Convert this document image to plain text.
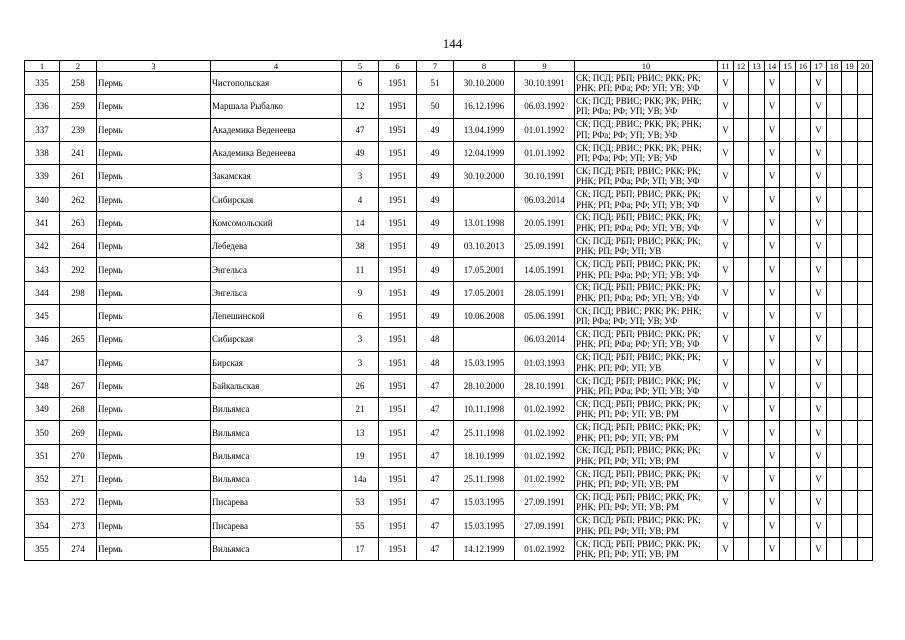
144
1	2	3	4	5	6	7	8	9	10	11	12	13	14	15	16	17	18	19	20
335	258	Пермь	Чистопольская	6	1951	51	30.10.2000	30.10.1991	СК; ПСД; РБП; РВИС; РКК; РК; РНК; РП; РФа; РФ; УП; УВ; УФ	V			V			V			
336	259	Пермь	Маршала Рыбалко	12	1951	50	16.12.1996	06.03.1992	СК; ПСД; РВИС; РКК; РК; РНК; РП; РФа; РФ; УП; УВ; УФ	V			V			V			
337	239	Пермь	Академика Веденеева	47	1951	49	13.04.1999	01.01.1992	СК; ПСД; РВИС; РКК; РК; РНК; РП; РФа; РФ; УП; УВ; УФ	V			V			V			
338	241	Пермь	Академика Веденеева	49	1951	49	12.04.1999	01.01.1992	СК; ПСД; РВИС; РКК; РК; РНК; РП; РФа; РФ; УП; УВ; УФ	V			V			V			
339	261	Пермь	Закамская	3	1951	49	30.10.2000	30.10.1991	СК; ПСД; РБП; РВИС; РКК; РК; РНК; РП; РФа; РФ; УП; УВ; УФ	V			V			V			
340	262	Пермь	Сибирская	4	1951	49		06.03.2014	СК; ПСД; РБП; РВИС; РКК; РК; РНК; РП; РФа; РФ; УП; УВ; УФ	V			V			V			
341	263	Пермь	Комсомольский	14	1951	49	13.01.1998	20.05.1991	СК; ПСД; РБП; РВИС; РКК; РК; РНК; РП; РФа; РФ; УП; УВ; УФ	V			V			V			
342	264	Пермь	Лебедева	38	1951	49	03.10.2013	25.09.1991	СК; ПСД; РБП; РВИС; РКК; РК; РНК; РП; РФ; УП; УВ	V			V			V			
343	292	Пермь	Энгельса	11	1951	49	17.05.2001	14.05.1991	СК; ПСД; РБП; РВИС; РКК; РК; РНК; РП; РФа; РФ; УП; УВ; УФ	V			V			V			
344	298	Пермь	Энгельса	9	1951	49	17.05.2001	28.05.1991	СК; ПСД; РБП; РВИС; РКК; РК; РНК; РП; РФа; РФ; УП; УВ; УФ	V			V			V			
345		Пермь	Лепешинской	6	1951	49	10.06.2008	05.06.1991	СК; ПСД; РВИС; РКК; РК; РНК; РП; РФа; РФ; УП; УВ; УФ	V			V			V			
346	265	Пермь	Сибирская	3	1951	48		06.03.2014	СК; ПСД; РБП; РВИС; РКК; РК; РНК; РП; РФа; РФ; УП; УВ; УФ	V			V			V			
347		Пермь	Бирская	3	1951	48	15.03.1995	01.03.1993	СК; ПСД; РБП; РВИС; РКК; РК; РНК; РП; РФ; УП; УВ	V			V			V			
348	267	Пермь	Байкальская	26	1951	47	28.10.2000	28.10.1991	СК; ПСД; РБП; РВИС; РКК; РК; РНК; РП; РФа; РФ; УП; УВ; УФ	V			V			V			
349	268	Пермь	Вильямса	21	1951	47	10.11.1998	01.02.1992	СК; ПСД; РБП; РВИС; РКК; РК; РНК; РП; РФ; УП; УВ; РМ	V			V			V			
350	269	Пермь	Вильямса	13	1951	47	25.11.1998	01.02.1992	СК; ПСД; РБП; РВИС; РКК; РК; РНК; РП; РФ; УП; УВ; РМ	V			V			V			
351	270	Пермь	Вильямса	19	1951	47	18.10.1999	01.02.1992	СК; ПСД; РБП; РВИС; РКК; РК; РНК; РП; РФ; УП; УВ; РМ	V			V			V			
352	271	Пермь	Вильямса	14а	1951	47	25.11.1998	01.02.1992	СК; ПСД; РБП; РВИС; РКК; РК; РНК; РП; РФ; УП; УВ; РМ	V			V			V			
353	272	Пермь	Писарева	53	1951	47	15.03.1995	27.09.1991	СК; ПСД; РБП; РВИС; РКК; РК; РНК; РП; РФ; УП; УВ; РМ	V			V			V			
354	273	Пермь	Писарева	55	1951	47	15.03.1995	27.09.1991	СК; ПСД; РБП; РВИС; РКК; РК; РНК; РП; РФ; УП; УВ; РМ	V			V			V			
355	274	Пермь	Вильямса	17	1951	47	14.12.1999	01.02.1992	СК; ПСД; РБП; РВИС; РКК; РК; РНК; РП; РФ; УП; УВ; РМ	V			V			V			
